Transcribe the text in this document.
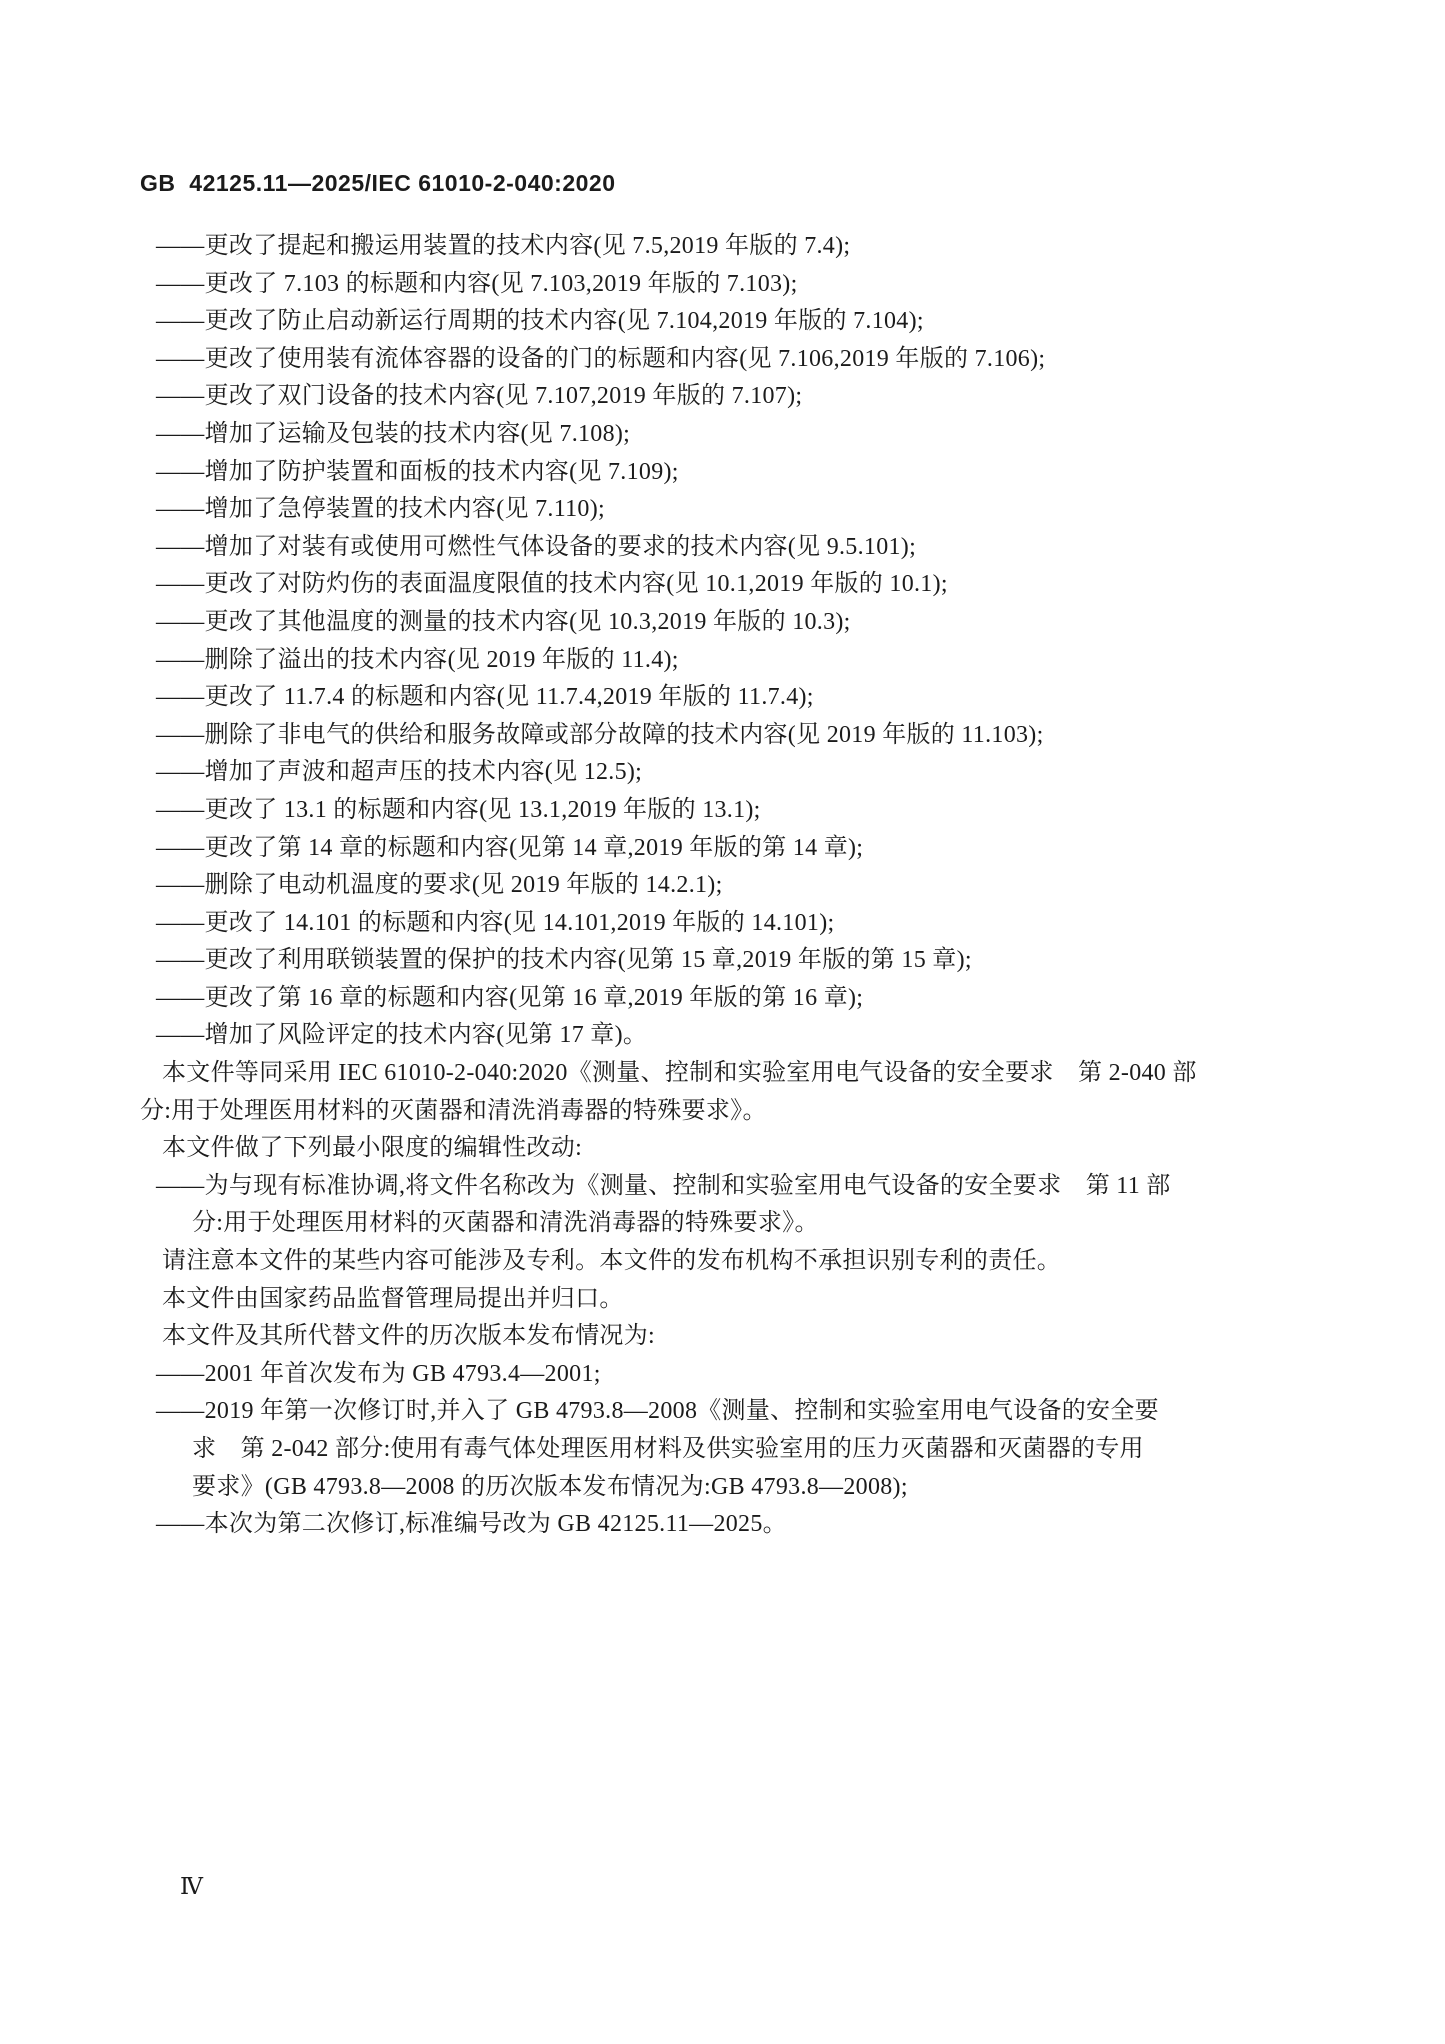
GB  42125.11—2025/IEC 61010-2-040:2020
——更改了提起和搬运用装置的技术内容(见 7.5,2019 年版的 7.4);
——更改了 7.103 的标题和内容(见 7.103,2019 年版的 7.103);
——更改了防止启动新运行周期的技术内容(见 7.104,2019 年版的 7.104);
——更改了使用装有流体容器的设备的门的标题和内容(见 7.106,2019 年版的 7.106);
——更改了双门设备的技术内容(见 7.107,2019 年版的 7.107);
——增加了运输及包装的技术内容(见 7.108);
——增加了防护装置和面板的技术内容(见 7.109);
——增加了急停装置的技术内容(见 7.110);
——增加了对装有或使用可燃性气体设备的要求的技术内容(见 9.5.101);
——更改了对防灼伤的表面温度限值的技术内容(见 10.1,2019 年版的 10.1);
——更改了其他温度的测量的技术内容(见 10.3,2019 年版的 10.3);
——删除了溢出的技术内容(见 2019 年版的 11.4);
——更改了 11.7.4 的标题和内容(见 11.7.4,2019 年版的 11.7.4);
——删除了非电气的供给和服务故障或部分故障的技术内容(见 2019 年版的 11.103);
——增加了声波和超声压的技术内容(见 12.5);
——更改了 13.1 的标题和内容(见 13.1,2019 年版的 13.1);
——更改了第 14 章的标题和内容(见第 14 章,2019 年版的第 14 章);
——删除了电动机温度的要求(见 2019 年版的 14.2.1);
——更改了 14.101 的标题和内容(见 14.101,2019 年版的 14.101);
——更改了利用联锁装置的保护的技术内容(见第 15 章,2019 年版的第 15 章);
——更改了第 16 章的标题和内容(见第 16 章,2019 年版的第 16 章);
——增加了风险评定的技术内容(见第 17 章)。
本文件等同采用 IEC 61010-2-040:2020《测量、控制和实验室用电气设备的安全要求　第 2-040 部
分:用于处理医用材料的灭菌器和清洗消毒器的特殊要求》。
本文件做了下列最小限度的编辑性改动:
——为与现有标准协调,将文件名称改为《测量、控制和实验室用电气设备的安全要求　第 11 部
分:用于处理医用材料的灭菌器和清洗消毒器的特殊要求》。
请注意本文件的某些内容可能涉及专利。本文件的发布机构不承担识别专利的责任。
本文件由国家药品监督管理局提出并归口。
本文件及其所代替文件的历次版本发布情况为:
——2001 年首次发布为 GB 4793.4—2001;
——2019 年第一次修订时,并入了 GB 4793.8—2008《测量、控制和实验室用电气设备的安全要
求　第 2-042 部分:使用有毒气体处理医用材料及供实验室用的压力灭菌器和灭菌器的专用
要求》(GB 4793.8—2008 的历次版本发布情况为:GB 4793.8—2008);
——本次为第二次修订,标准编号改为 GB 42125.11—2025。
Ⅳ
